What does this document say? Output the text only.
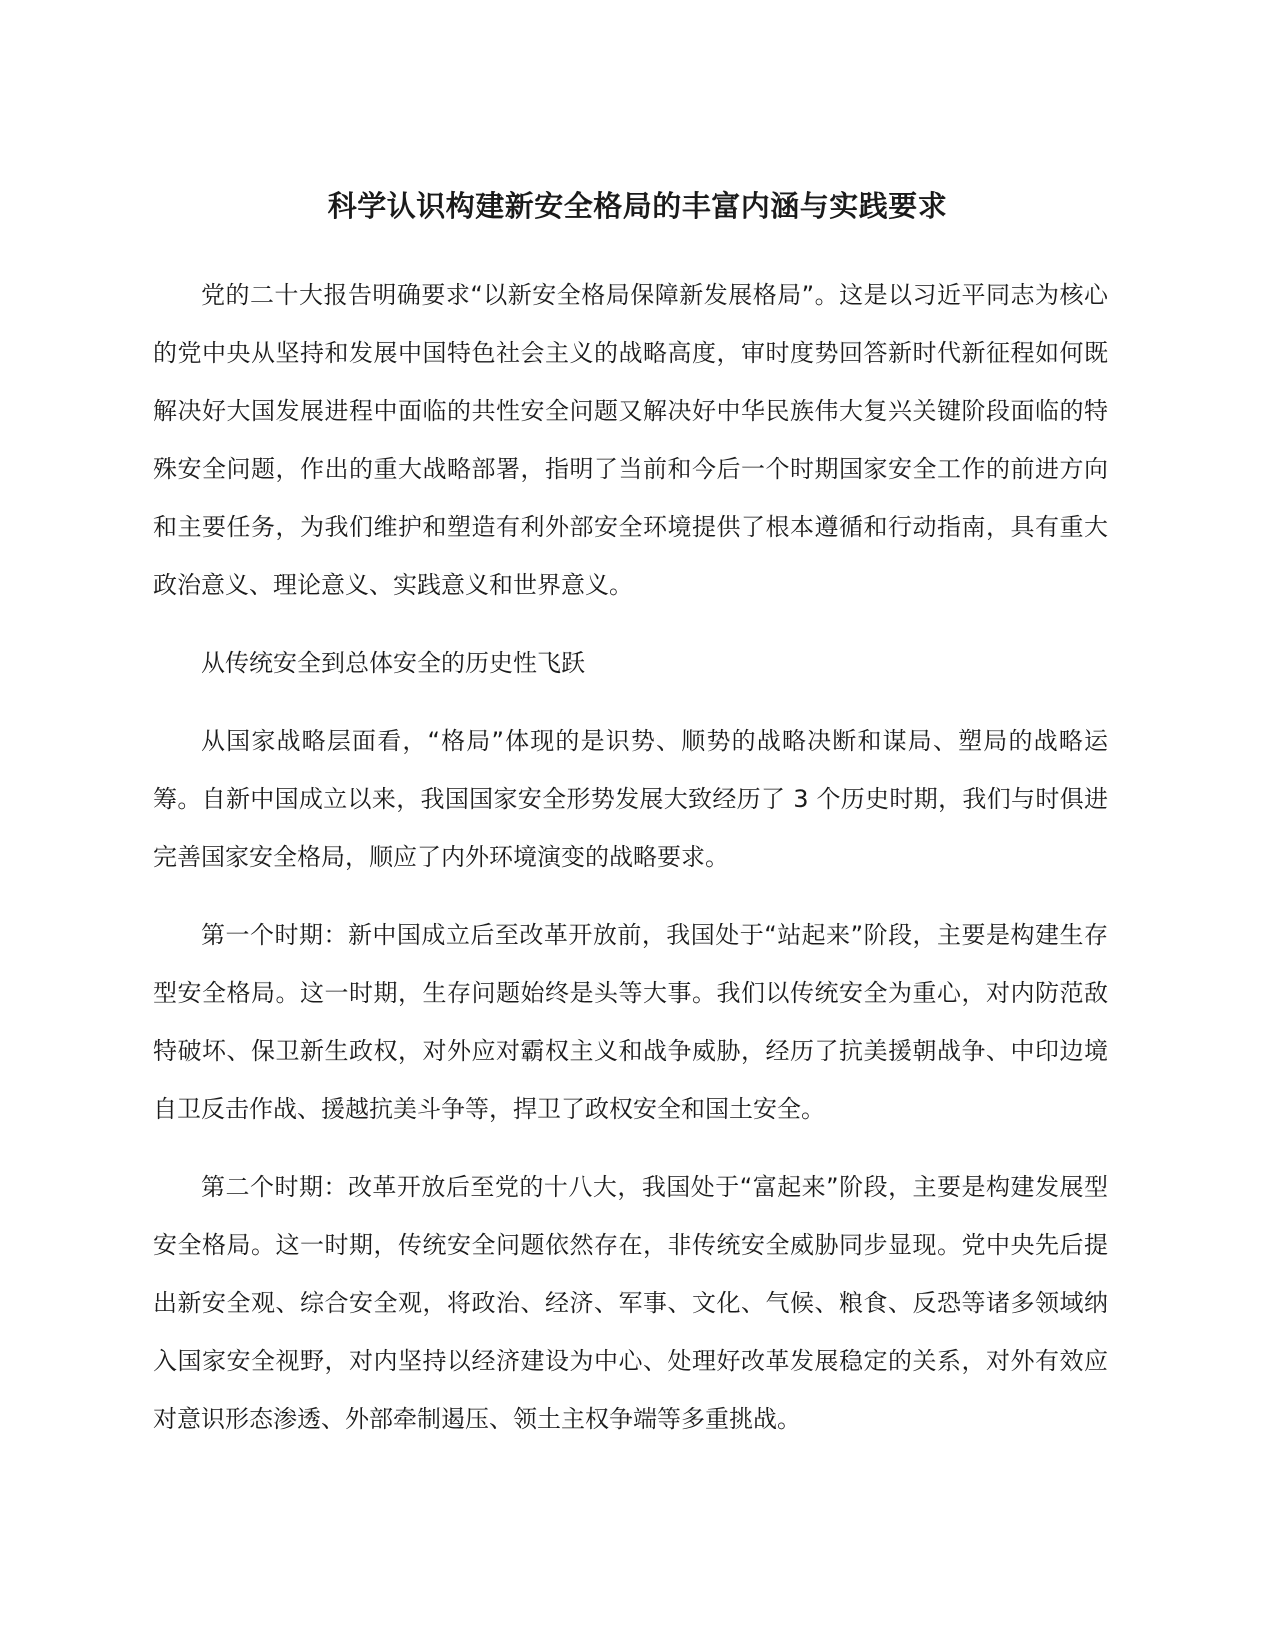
科学认识构建新安全格局的丰富内涵与实践要求

党的二十大报告明确要求“以新安全格局保障新发展格局”。这是以习近平同志为核心的党中央从坚持和发展中国特色社会主义的战略高度，审时度势回答新时代新征程如何既解决好大国发展进程中面临的共性安全问题又解决好中华民族伟大复兴关键阶段面临的特殊安全问题，作出的重大战略部署，指明了当前和今后一个时期国家安全工作的前进方向和主要任务，为我们维护和塑造有利外部安全环境提供了根本遵循和行动指南，具有重大政治意义、理论意义、实践意义和世界意义。

从传统安全到总体安全的历史性飞跃

从国家战略层面看，“格局”体现的是识势、顺势的战略决断和谋局、塑局的战略运筹。自新中国成立以来，我国国家安全形势发展大致经历了 3 个历史时期，我们与时俱进完善国家安全格局，顺应了内外环境演变的战略要求。

第一个时期：新中国成立后至改革开放前，我国处于“站起来”阶段，主要是构建生存型安全格局。这一时期，生存问题始终是头等大事。我们以传统安全为重心，对内防范敌特破坏、保卫新生政权，对外应对霸权主义和战争威胁，经历了抗美援朝战争、中印边境自卫反击作战、援越抗美斗争等，捍卫了政权安全和国土安全。

第二个时期：改革开放后至党的十八大，我国处于“富起来”阶段，主要是构建发展型安全格局。这一时期，传统安全问题依然存在，非传统安全威胁同步显现。党中央先后提出新安全观、综合安全观，将政治、经济、军事、文化、气候、粮食、反恐等诸多领域纳入国家安全视野，对内坚持以经济建设为中心、处理好改革发展稳定的关系，对外有效应对意识形态渗透、外部牵制遏压、领土主权争端等多重挑战。
